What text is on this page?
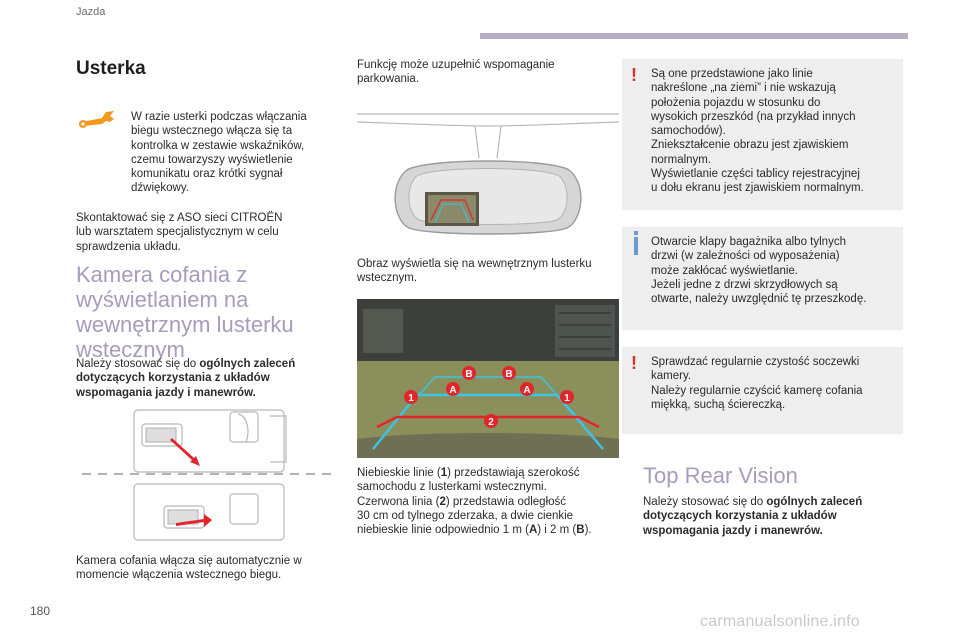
Jazda
Usterka
W razie usterki podczas włączania
biegu wstecznego włącza się ta
kontrolka w zestawie wskaźników,
czemu towarzyszy wyświetlenie
komunikatu oraz krótki sygnał
dźwiękowy.
Skontaktować się z ASO sieci CITROËN
lub warsztatem specjalistycznym w celu
sprawdzenia układu.
Kamera cofania z
wyświetlaniem na
wewnętrznym lusterku
wstecznym
Należy stosować się do ogólnych zaleceń
dotyczących korzystania z układów
wspomagania jazdy i manewrów.
Kamera cofania włącza się automatycznie w
momencie włączenia wstecznego biegu.
Funkcję może uzupełnić wspomaganie
parkowania.
Obraz wyświetla się na wewnętrznym lusterku
wstecznym.
1
A
B	B
A
1
2
Niebieskie linie (1) przedstawiają szerokość
samochodu z lusterkami wstecznymi.
Czerwona linia (2) przedstawia odległość
30 cm od tylnego zderzaka, a dwie cienkie
niebieskie linie odpowiednio 1 m (A) i 2 m (B).
! Są one przedstawione jako linie
nakreślone „na ziemi” i nie wskazują
położenia pojazdu w stosunku do
wysokich przeszkód (na przykład innych
samochodów).
Zniekształcenie obrazu jest zjawiskiem
normalnym.
Wyświetlanie części tablicy rejestracyjnej
u dołu ekranu jest zjawiskiem normalnym.
Otwarcie klapy bagażnika albo tylnych
drzwi (w zależności od wyposażenia)
może zakłócać wyświetlanie.
Jeżeli jedne z drzwi skrzydłowych są
otwarte, należy uwzględnić tę przeszkodę.
! Sprawdzać regularnie czystość soczewki
kamery.
Należy regularnie czyścić kamerę cofania
miękką, suchą ściereczką.
Top Rear Vision
Należy stosować się do ogólnych zaleceń
dotyczących korzystania z układów
wspomagania jazdy i manewrów.
180
carmanualsonline.info
